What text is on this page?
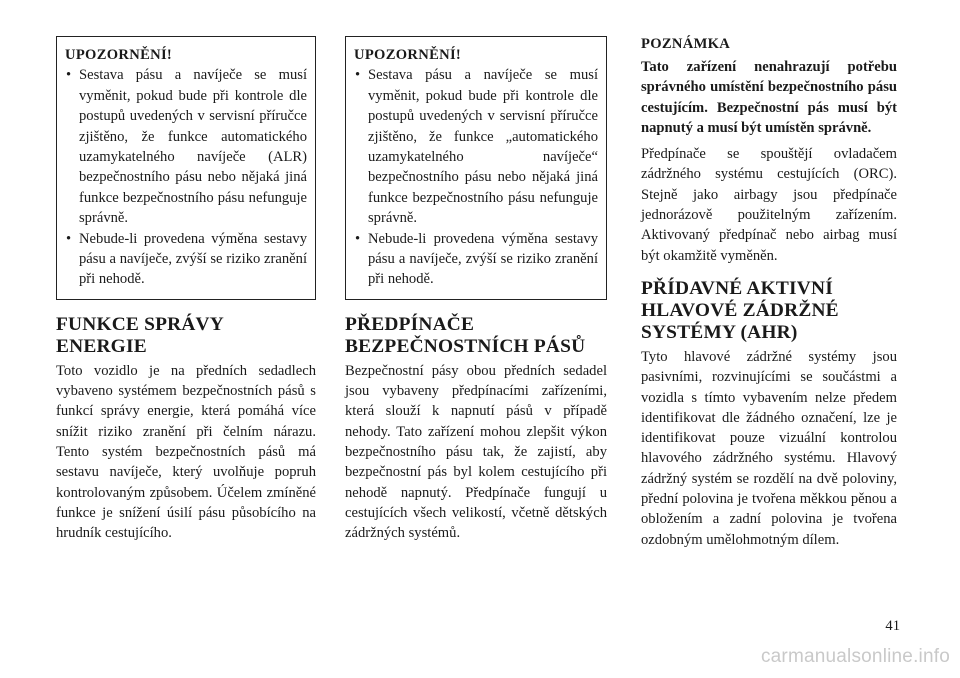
UPOZORNĚNÍ!
• Sestava pásu a navíječe se musí vyměnit, pokud bude při kontrole dle postupů uvedených v servisní příručce zjištěno, že funkce automatického uzamykatelného navíječe (ALR) bezpečnostního pásu nebo nějaká jiná funkce bezpečnostního pásu nefunguje správně.
• Nebude-li provedena výměna sestavy pásu a navíječe, zvýší se riziko zranění při nehodě.
FUNKCE SPRÁVY ENERGIE

Toto vozidlo je na předních sedadlech vybaveno systémem bezpečnostních pásů s funkcí správy energie, která pomáhá více snížit riziko zranění při čelním nárazu. Tento systém bezpečnostních pásů má sestavu navíječe, který uvolňuje popruh kontrolovaným způsobem. Účelem zmíněné funkce je snížení úsilí pásu působícího na hrudník cestujícího.

UPOZORNĚNÍ!
• Sestava pásu a navíječe se musí vyměnit, pokud bude při kontrole dle postupů uvedených v servisní příručce zjištěno, že funkce „automatického uzamykatelného navíječe“ bezpečnostního pásu nebo nějaká jiná funkce bezpečnostního pásu nefunguje správně.
• Nebude-li provedena výměna sestavy pásu a navíječe, zvýší se riziko zranění při nehodě.
PŘEDPÍNAČE BEZPEČNOSTNÍCH PÁSŮ

Bezpečnostní pásy obou předních sedadel jsou vybaveny předpínacími zařízeními, která slouží k napnutí pásů v případě nehody. Tato zařízení mohou zlepšit výkon bezpečnostního pásu tak, že zajistí, aby bezpečnostní pás byl kolem cestujícího při nehodě napnutý. Předpínače fungují u cestujících všech velikostí, včetně dětských zádržných systémů.

POZNÁMKA

Tato zařízení nenahrazují potřebu správného umístění bezpečnostního pásu cestujícím. Bezpečnostní pás musí být napnutý a musí být umístěn správně.

Předpínače se spouštějí ovladačem zádržného systému cestujících (ORC). Stejně jako airbagy jsou předpínače jednorázově použitelným zařízením. Aktivovaný předpínač nebo airbag musí být okamžitě vyměněn.

PŘÍDAVNÉ AKTIVNÍ HLAVOVÉ ZÁDRŽNÉ SYSTÉMY (AHR)

Tyto hlavové zádržné systémy jsou pasivními, rozvinujícími se součástmi a vozidla s tímto vybavením nelze předem identifikovat dle žádného označení, lze je identifikovat pouze vizuální kontrolou hlavového zádržného systému. Hlavový zádržný systém se rozdělí na dvě poloviny, přední polovina je tvořena měkkou pěnou a obložením a zadní polovina je tvořena ozdobným umělohmotným dílem.

41
carmanualsonline.info
